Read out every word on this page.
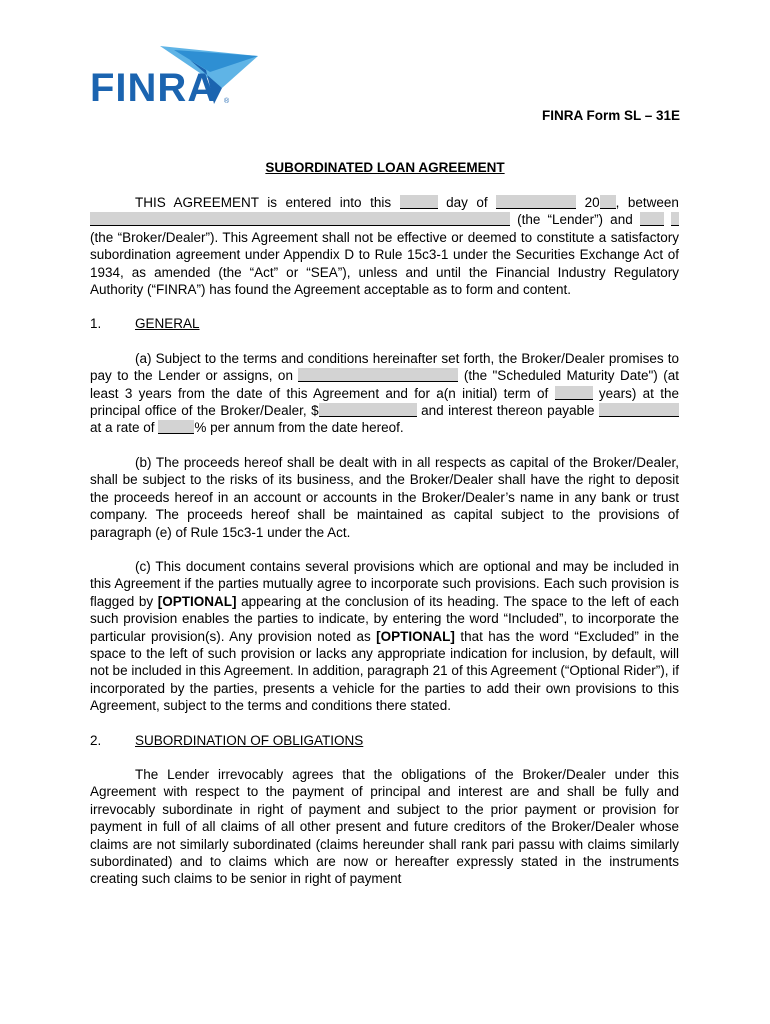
FINRA ®
FINRA Form SL – 31E
SUBORDINATED LOAN AGREEMENT

THIS AGREEMENT is entered into this	day of	20 , between  (the “Lender”) and   (the “Broker/Dealer”). This Agreement shall not be effective or deemed to constitute a satisfactory subordination agreement under Appendix D to Rule 15c3-1 under the Securities Exchange Act of 1934, as amended (the “Act” or “SEA”), unless and until the Financial Industry Regulatory Authority (“FINRA”) has found the Agreement acceptable as to form and content.

1. GENERAL

(a) Subject to the terms and conditions hereinafter set forth, the Broker/Dealer promises to pay to the Lender or assigns, on	(the "Scheduled Maturity Date") (at least 3 years from the date of this Agreement and for a(n initial) term of	years) at the principal office of the Broker/Dealer, $	and interest thereon payable  at a rate of	% per annum from the date hereof.

(b) The proceeds hereof shall be dealt with in all respects as capital of the Broker/Dealer, shall be subject to the risks of its business, and the Broker/Dealer shall have the right to deposit the proceeds hereof in an account or accounts in the Broker/Dealer’s name in any bank or trust company. The proceeds hereof shall be maintained as capital subject to the provisions of paragraph (e) of Rule 15c3-1 under the Act.

(c) This document contains several provisions which are optional and may be included in this Agreement if the parties mutually agree to incorporate such provisions. Each such provision is flagged by [OPTIONAL] appearing at the conclusion of its heading. The space to the left of each such provision enables the parties to indicate, by entering the word “Included”, to incorporate the particular provision(s). Any provision noted as [OPTIONAL] that has the word “Excluded” in the space to the left of such provision or lacks any appropriate indication for inclusion, by default, will not be included in this Agreement. In addition, paragraph 21 of this Agreement (“Optional Rider”), if incorporated by the parties, presents a vehicle for the parties to add their own provisions to this Agreement, subject to the terms and conditions there stated.

2. SUBORDINATION OF OBLIGATIONS

The Lender irrevocably agrees that the obligations of the Broker/Dealer under this Agreement with respect to the payment of principal and interest are and shall be fully and irrevocably subordinate in right of payment and subject to the prior payment or provision for payment in full of all claims of all other present and future creditors of the Broker/Dealer whose claims are not similarly subordinated (claims hereunder shall rank pari passu with claims similarly subordinated) and to claims which are now or hereafter expressly stated in the instruments creating such claims to be senior in right of payment
